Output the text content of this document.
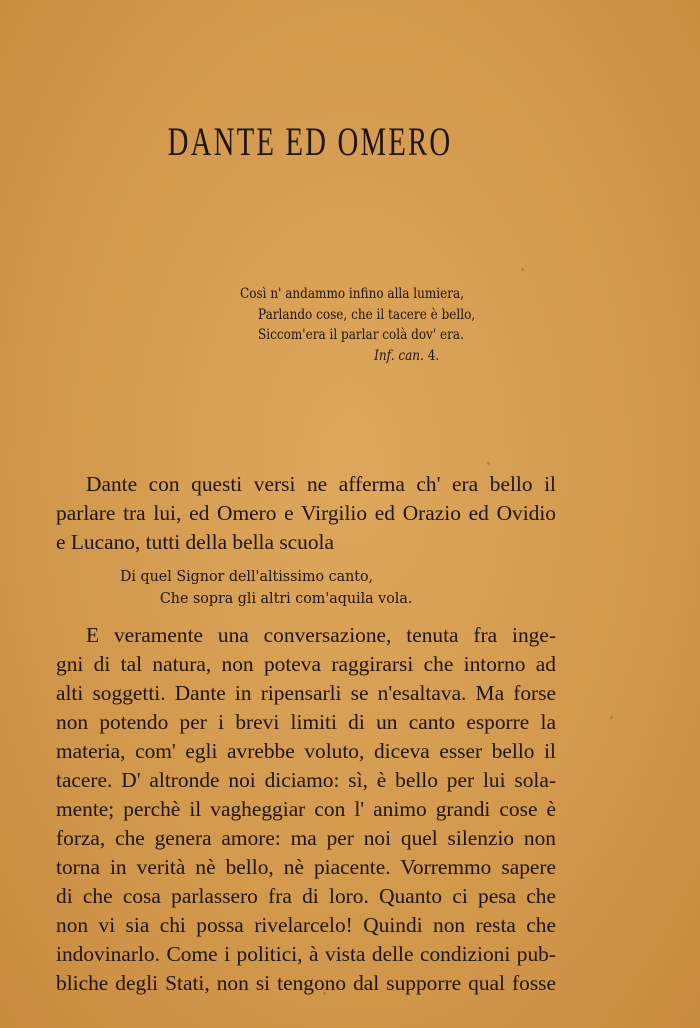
DANTE ED OMERO
Così n' andammo infino alla lumiera,
Parlando cose, che il tacere è bello,
Siccom'era il parlar colà dov' era.
Inf. can. 4.
Dante con questi versi ne afferma ch' era bello il
parlare tra lui, ed Omero e Virgilio ed Orazio ed Ovidio
e Lucano, tutti della bella scuola
Di quel Signor dell'altissimo canto,
Che sopra gli altri com'aquila vola.
E veramente una conversazione, tenuta fra inge-
gni di tal natura, non poteva raggirarsi che intorno ad
alti soggetti. Dante in ripensarli se n'esaltava. Ma forse
non potendo per i brevi limiti di un canto esporre la
materia, com' egli avrebbe voluto, diceva esser bello il
tacere. D' altronde noi diciamo: sì, è bello per lui sola-
mente; perchè il vagheggiar con l' animo grandi cose è
forza, che genera amore: ma per noi quel silenzio non
torna in verità nè bello, nè piacente. Vorremmo sapere
di che cosa parlassero fra di loro. Quanto ci pesa che
non vi sia chi possa rivelarcelo! Quindi non resta che
indovinarlo. Come i politici, à vista delle condizioni pub-
bliche degli Stati, non si tengono dal supporre qual fosse
